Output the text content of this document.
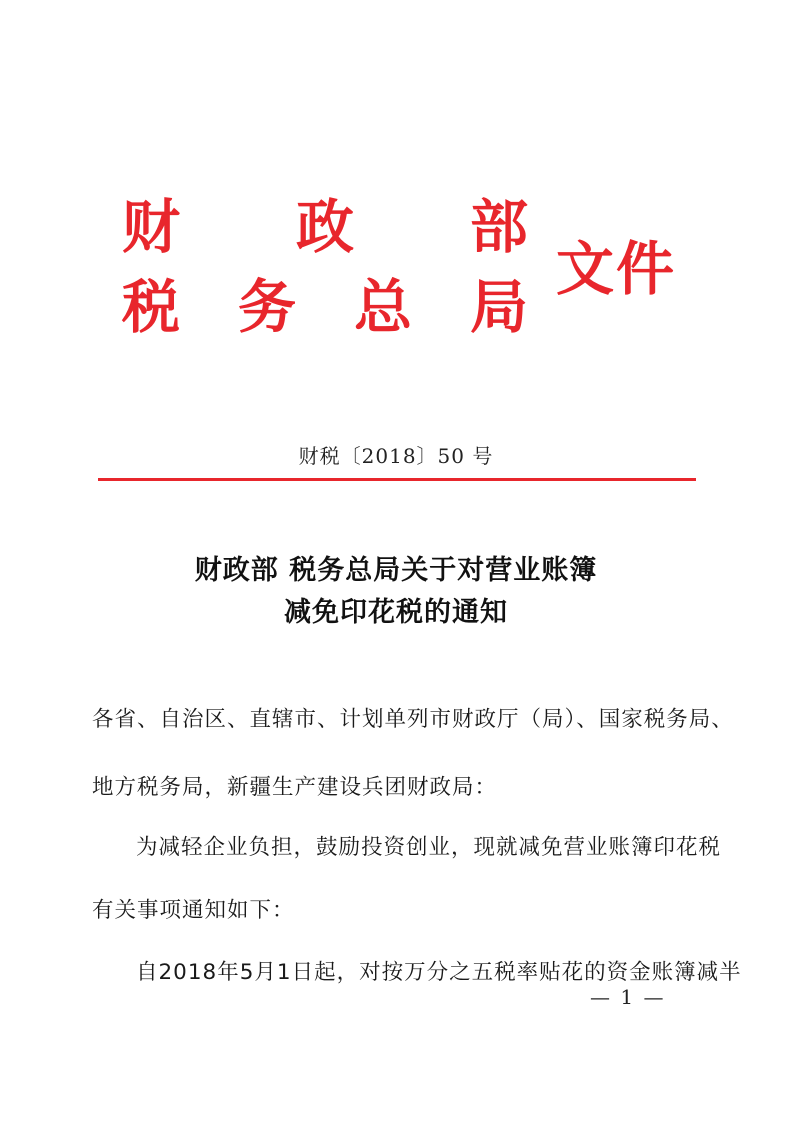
财 政 部
税 务 总 局
文件
财税〔2018〕50 号
财政部 税务总局关于对营业账簿
减免印花税的通知
各省、自治区、直辖市、计划单列市财政厅（局）、国家税务局、
地方税务局，新疆生产建设兵团财政局：
为减轻企业负担，鼓励投资创业，现就减免营业账簿印花税
有关事项通知如下：
自2018年5月1日起，对按万分之五税率贴花的资金账簿减半
— 1 —
